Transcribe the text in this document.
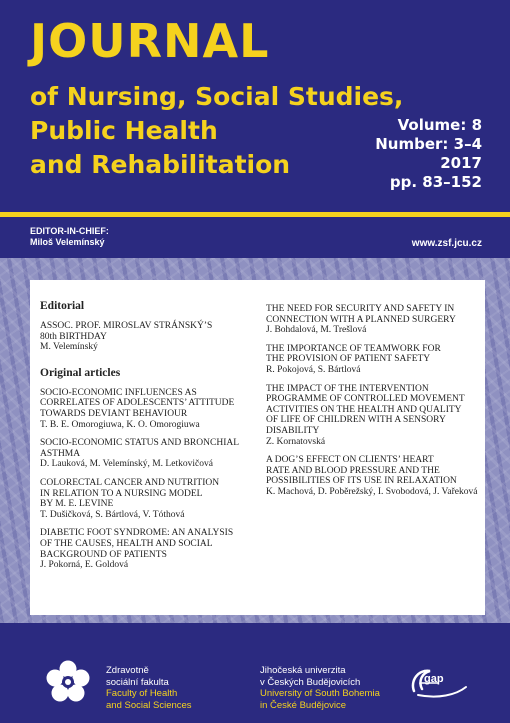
JOURNAL
of Nursing, Social Studies,
Public Health
and Rehabilitation
Volume: 8
Number: 3–4
2017
pp. 83–152
EDITOR-IN-CHIEF:
Miloš Velemínský	www.zsf.jcu.cz
Editorial
ASSOC. PROF. MIROSLAV STRÁNSKÝ’S
80th BIRTHDAY
M. Velemínský
Original articles
SOCIO-ECONOMIC INFLUENCES AS
CORRELATES OF ADOLESCENTS’ ATTITUDE
TOWARDS DEVIANT BEHAVIOUR
T. B. E. Omorogiuwa, K. O. Omorogiuwa
SOCIO-ECONOMIC STATUS AND BRONCHIAL
ASTHMA
D. Lauková, M. Velemínský, M. Letkovičová
COLORECTAL CANCER AND NUTRITION
IN RELATION TO A NURSING MODEL
BY M. E. LEVINE
T. Dušičková, S. Bártlová, V. Tóthová
DIABETIC FOOT SYNDROME: AN ANALYSIS
OF THE CAUSES, HEALTH AND SOCIAL
BACKGROUND OF PATIENTS
J. Pokorná, E. Goldová
THE NEED FOR SECURITY AND SAFETY IN
CONNECTION WITH A PLANNED SURGERY
J. Bohdalová, M. Trešlová
THE IMPORTANCE OF TEAMWORK FOR
THE PROVISION OF PATIENT SAFETY
R. Pokojová, S. Bártlová
THE IMPACT OF THE INTERVENTION
PROGRAMME OF CONTROLLED MOVEMENT
ACTIVITIES ON THE HEALTH AND QUALITY
OF LIFE OF CHILDREN WITH A SENSORY
DISABILITY
Z. Kornatovská
A DOG’S EFFECT ON CLIENTS’ HEART
RATE AND BLOOD PRESSURE AND THE
POSSIBILITIES OF ITS USE IN RELAXATION
K. Machová, D. Poběrežský, I. Svobodová, J. Vařeková
Zdravotně
sociální fakulta
Faculty of Health
and Social Sciences
Jihočeská univerzita
v Českých Budějovicích
University of South Bohemia
in České Budějovice
gap
